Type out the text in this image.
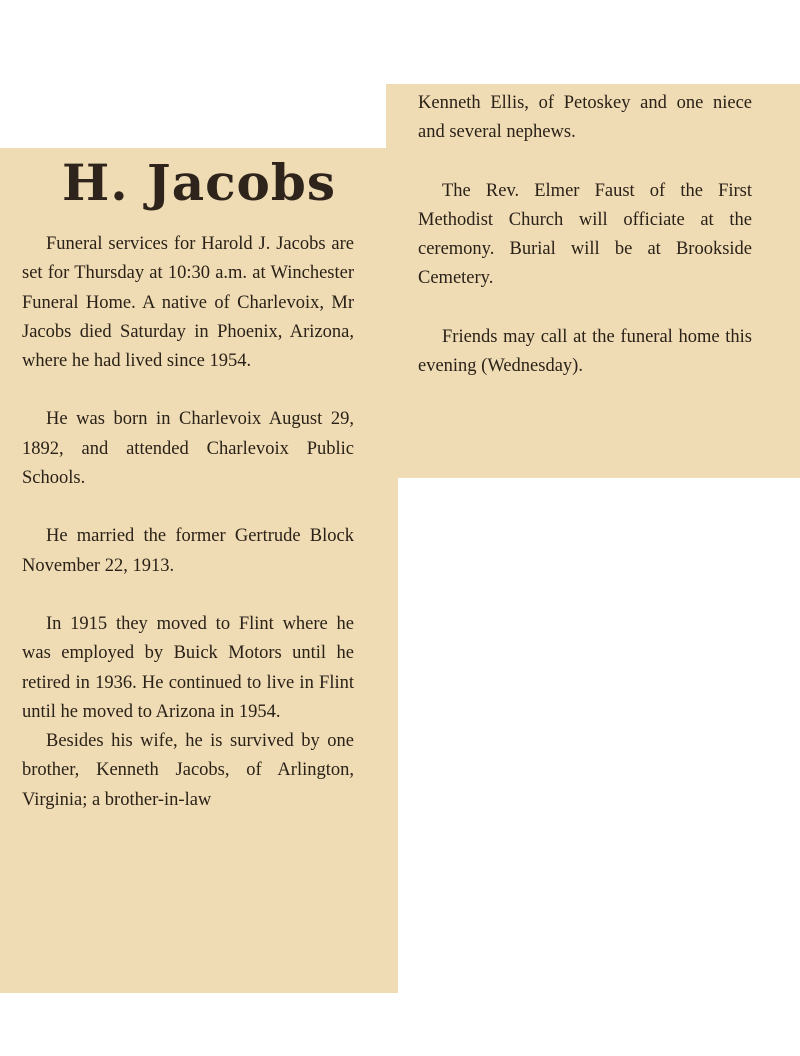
H. Jacobs

Funeral services for Harold J. Jacobs are set for Thursday at 10:30 a.m. at Winchester Funeral Home. A native of Charlevoix, Mr Jacobs died Saturday in Phoenix, Arizona, where he had lived since 1954.

He was born in Charlevoix August 29, 1892, and attended Charlevoix Public Schools.

He married the former Gertrude Block November 22, 1913.

In 1915 they moved to Flint where he was employed by Buick Motors until he retired in 1936. He continued to live in Flint until he moved to Arizona in 1954.

Besides his wife, he is survived by one brother, Kenneth Jacobs, of Arlington, Virginia; a brother-in-law

Kenneth Ellis, of Petoskey and one niece and several nephews.

The Rev. Elmer Faust of the First Methodist Church will officiate at the ceremony. Burial will be at Brookside Cemetery.

Friends may call at the funeral home this evening (Wednesday).
